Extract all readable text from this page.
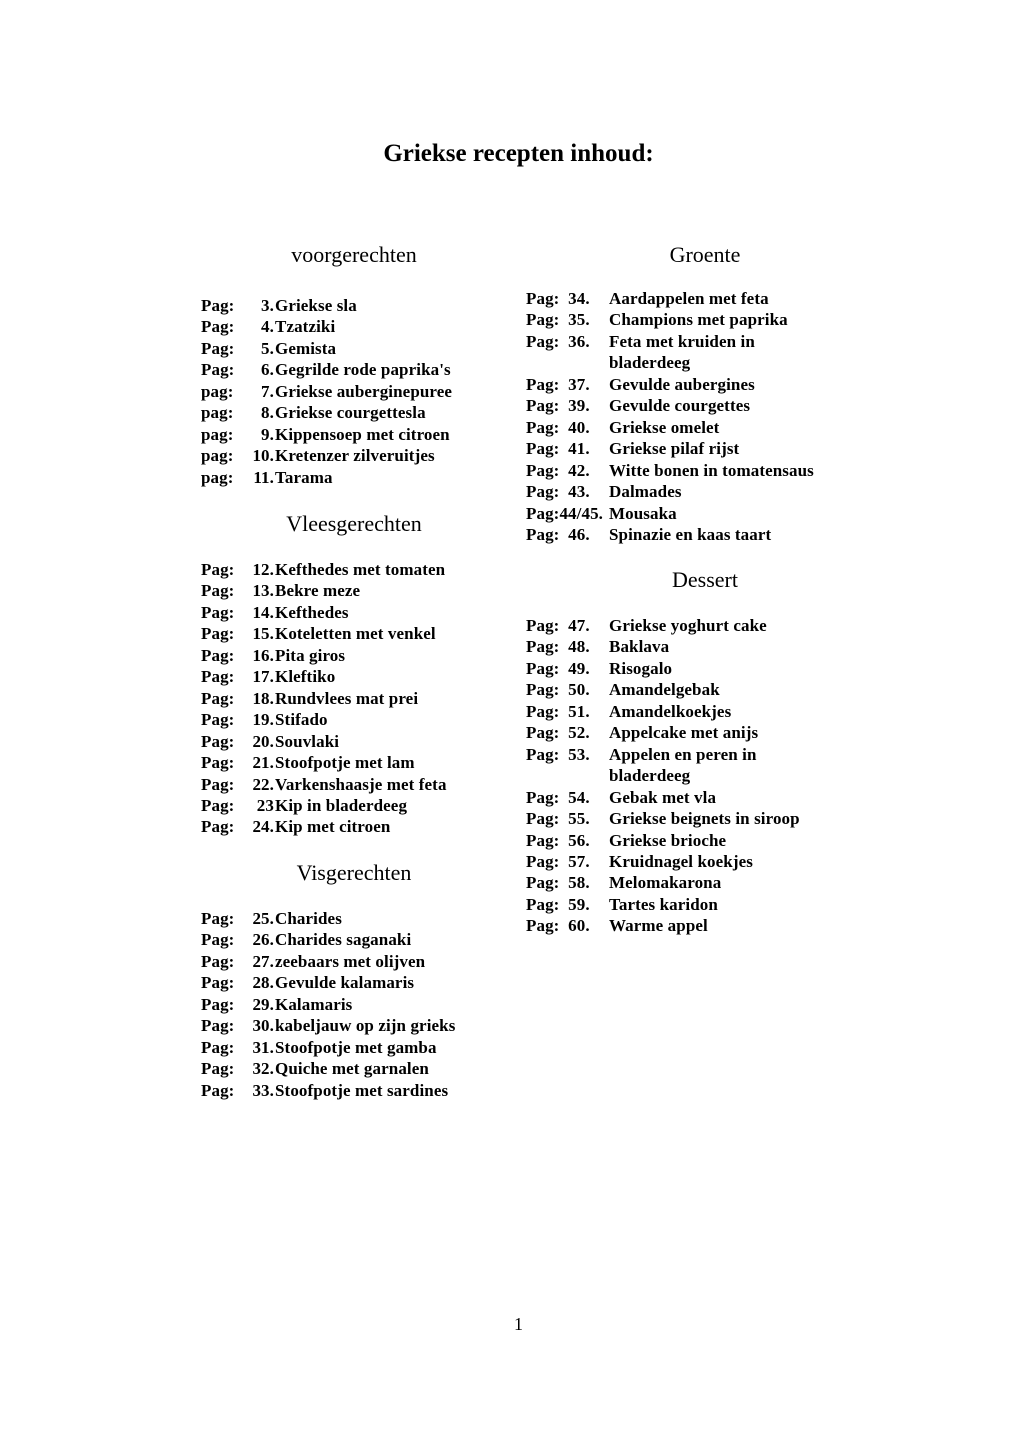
Griekse recepten inhoud:

1

voorgerechten
Pag: 3. Griekse sla
Pag: 4. Tzatziki
Pag: 5. Gemista
Pag: 6. Gegrilde rode paprika's
pag: 7. Griekse auberginepuree
pag: 8. Griekse courgettesla
pag: 9. Kippensoep met citroen
pag: 10. Kretenzer zilveruitjes
pag: 11. Tarama
Vleesgerechten
Pag: 12. Kefthedes met tomaten
Pag: 13. Bekre meze
Pag: 14. Kefthedes
Pag: 15. Koteletten met venkel
Pag: 16. Pita giros
Pag: 17. Kleftiko
Pag: 18. Rundvlees mat prei
Pag: 19. Stifado
Pag: 20. Souvlaki
Pag: 21. Stoofpotje met lam
Pag: 22. Varkenshaasje met feta
Pag: 23 Kip in bladerdeeg
Pag: 24. Kip met citroen
Visgerechten
Pag: 25. Charides
Pag: 26. Charides saganaki
Pag: 27. zeebaars met olijven
Pag: 28. Gevulde kalamaris
Pag: 29. Kalamaris
Pag: 30. kabeljauw op zijn grieks
Pag: 31. Stoofpotje met gamba
Pag: 32. Quiche met garnalen
Pag: 33. Stoofpotje met sardines
Groente
Pag:  34. Aardappelen met feta
Pag:  35. Champions met paprika
Pag:  36. Feta met kruiden in
bladerdeeg
Pag:  37. Gevulde aubergines
Pag:  39. Gevulde courgettes
Pag:  40. Griekse omelet
Pag:  41. Griekse pilaf rijst
Pag:  42. Witte bonen in tomatensaus
Pag:  43. Dalmades
Pag:44/45. Mousaka
Pag:  46. Spinazie en kaas taart
Dessert
Pag:  47. Griekse yoghurt cake
Pag:  48. Baklava
Pag:  49. Risogalo
Pag:  50. Amandelgebak
Pag:  51. Amandelkoekjes
Pag:  52. Appelcake met anijs
Pag:  53. Appelen en peren in
bladerdeeg
Pag:  54. Gebak met vla
Pag:  55. Griekse beignets in siroop
Pag:  56. Griekse brioche
Pag:  57. Kruidnagel koekjes
Pag:  58. Melomakarona
Pag:  59. Tartes karidon
Pag:  60. Warme appel
